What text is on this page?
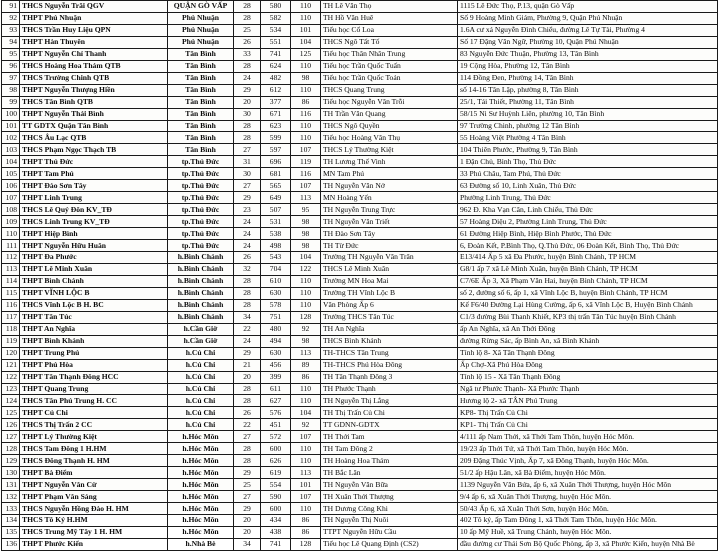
91	THCS Nguyễn Trãi QGV	QUẬN GÒ VẤP	28	580	110	TH Lê Văn Thọ	1115 Lê Đức Thọ, P.13, quận Gò Vấp
92	THPT Phú Nhuận	Phú Nhuận	28	582	110	TH Hồ Văn Huê	Số 9 Hoàng Minh Giám, Phường 9, Quận Phú Nhuận
93	THCS Trần Huy Liệu QPN	Phú Nhuận	25	534	101	Tiểu học Cổ Loa	1.6A cư xá Nguyễn Đình Chiểu, đường Lê Tự Tài, Phường 4
94	THPT Hàn Thuyên	Phú Nhuận	26	551	104	THCS Ngô Tất Tố	Số 17 Đặng Văn Ngữ, Phường 10, Quận Phú Nhuận
95	THPT Nguyễn Chí Thanh	Tân Bình	33	741	125	Tiểu học Thân Nhân Trung	83 Nguyễn Đức Thuận, Phường 13, Tân Bình
96	THCS Hoàng Hoa Thám QTB	Tân Bình	28	624	110	Tiểu học Trần Quốc Tuấn	19 Cộng Hòa, Phường 12, Tân Bình
97	THCS Trường Chinh QTB	Tân Bình	24	482	98	Tiểu học Trần Quốc Toản	114 Đồng Đen, Phường 14, Tân Bình
98	THPT Nguyễn Thượng Hiền	Tân Bình	29	612	110	THCS Quang Trung	số 14-16 Tân Lập, phường 8, Tân Bình
99	THCS Tân Bình QTB	Tân Bình	20	377	86	Tiểu học Nguyễn Văn Trỗi	25/1, Tái Thiết, Phường 11, Tân Bình
100	THPT Nguyễn Thái Bình	Tân Bình	30	671	116	TH Trần Văn Quang	58/15 Ni Sư Huỳnh Liên, phường 10, Tân Bình
101	TT GDTX Quận Tân Bình	Tân Bình	28	623	110	THCS Ngô Quyền	97 Trường Chinh, phường 12 Tân Bình
102	THCS Âu Lạc QTB	Tân Bình	28	599	110	Tiểu học Hoàng Văn Thụ	55 Hoàng Việt Phường 4 Tân Bình
103	THCS Phạm Ngọc Thạch TB	Tân Bình	27	597	107	THCS Lý Thường Kiệt	104 Thiên Phước, Phường 9, Tân Bình
104	THPT Thủ Đức	tp.Thủ Đức	31	696	119	TH Lương Thế Vinh	1 Đặn Chủ, Bình Thọ, Thủ Đức
105	THPT Tam Phú	tp.Thủ Đức	30	681	116	MN Tam Phú	33 Phú Châu, Tam Phú, Thủ Đức
106	THPT Đào Sơn Tây	tp.Thủ Đức	27	565	107	TH Nguyễn Văn Nở	63 Đường số 10, Linh Xuân, Thủ Đức
107	THPT Linh Trung	tp.Thủ Đức	29	649	113	MN Hoàng Yến	Phường Linh Trung, Thủ Đức
108	THCS Lê Quý Đôn KV_TĐ	tp.Thủ Đức	23	507	95	TH Nguyễn Trung Trực	962 Đ. Kha Vạn Cân, Linh Chiểu, Thủ Đức
109	THCS Linh Trung KV_TĐ	tp.Thủ Đức	24	531	98	TH Nguyễn Văn Triết	57 Hoàng Diệu 2, Phường Linh Trung, Thủ Đức
110	THPT Hiệp Bình	tp.Thủ Đức	24	538	98	TH Đào Sơn Tây	61 Đường Hiệp Bình, Hiệp Bình Phước, Thủ Đức
111	THPT Nguyễn Hữu Huân	tp.Thủ Đức	24	498	98	TH Từ Đức	6, Đoàn Kết, P.Bình Thọ, Q.Thủ Đức, 06 Đoàn Kết, Bình Thọ, Thủ Đức
112	THPT Đa Phước	h.Bình Chánh	26	543	104	Trường TH Nguyễn Văn Trân	E13/414 Ấp 5 xã Đa Phước, huyện Bình Chánh, TP HCM
113	THPT Lê Minh Xuân	h.Bình Chánh	32	704	122	THCS Lê Minh Xuân	G8/1 ấp 7 xã Lê Minh Xuân, huyện Bình Chánh, TP HCM
114	THPT Bình Chánh	h.Bình Chánh	28	610	110	Trường MN Hoa Mai	C7/6E Ấp 3, Xã Phạm Văn Hai, huyện Bình Chánh, TP HCM
115	THPT VĨNH LỘC B	h.Bình Chánh	28	630	110	Trường TH Vĩnh Lộc B	số 2, đường số 6, ấp 1, xã Vĩnh Lộc B, huyện Bình Chánh, TP HCM
116	THCS Vĩnh Lộc B H. BC	h.Bình Chánh	28	578	110	Văn Phòng Ấp 6	Kế F6/40 Đường Lại Hùng Cường, ấp 6, xã Vĩnh Lộc B, Huyện Bình Chánh
117	THPT Tân Túc	h.Bình Chánh	34	751	128	Trường THCS Tân Túc	C1/3 đường Bùi Thanh Khiết, KP3 thị trấn Tân Túc huyện Bình Chánh
118	THPT An Nghĩa	h.Cần Giờ	22	480	92	TH An Nghĩa	ấp An Nghĩa, xã An Thới Đông
119	THPT Bình Khánh	h.Cần Giờ	24	494	98	THCS Bình Khánh	đường Rừng Sác, ấp Bình An, xã Bình Khánh
120	THPT Trung Phú	h.Củ Chi	29	630	113	TH-THCS Tân Trung	Tỉnh lộ 8- Xã Tân Thạnh Đông
121	THPT Phú Hòa	h.Củ Chi	21	456	89	TH-THCS Phú Hòa Đông	Ấp Chợ-Xã Phú Hòa Đông
122	THPT Tân Thạnh Đông HCC	h.Củ Chi	20	399	86	TH Tân Thạnh Đông 3	Tỉnh lộ 15 - Xã Tân Thạnh Đông
123	THPT Quang Trung	h.Củ Chi	28	611	110	TH Phước Thạnh	Ngã tư Phước Thạnh- Xã Phước Thạnh
124	THCS Tân Phú Trung H. CC	h.Củ Chi	28	627	110	TH Nguyễn Thị Lắng	Hương lộ 2- xã TÂN Phú Trung
125	THPT Củ Chi	h.Củ Chi	26	576	104	TH Thị Trấn Củ Chi	KP8- Thị Trấn Củ Chi
126	THCS Thị Trấn 2 CC	h.Củ Chi	22	451	92	TT GDNN-GDTX	KP1- Thị Trấn Củ Chi
127	THPT Lý Thường Kiệt	h.Hóc Môn	27	572	107	TH Thới Tam	4/111 ấp Nam Thới, xã Thới Tam Thôn, huyện Hóc Môn.
128	THCS Tam Đông 1 H.HM	h.Hóc Môn	28	600	110	TH Tam Đông 2	19/23 ấp Thới Tứ, xã Thới Tam Thôn, huyện Hóc Môn.
129	THCS Đông Thạnh H. HM	h.Hóc Môn	28	626	110	TH Hoàng Hoa Thám	209 Đặng Thúc Vịnh, Ấp 7, xã Đông Thạnh, huyện Hóc Môn.
130	THPT Bà Điểm	h.Hóc Môn	29	619	113	TH Bắc Lân	51/2 ấp Hậu Lân, xã Bà Điểm, huyện Hóc Môn.
131	THPT Nguyễn Văn Cừ	h.Hóc Môn	25	554	101	TH Nguyễn Văn Bữa	1139 Nguyễn Văn Bứa, ấp 6, xã Xuân Thới Thượng, huyện Hóc Môn
132	THPT Phạm Văn Sáng	h.Hóc Môn	27	590	107	TH Xuân Thới Thượng	9/4 ấp 6, xã Xuân Thới Thượng, huyện Hóc Môn.
133	THCS Nguyễn Hồng Đào H. HM	h.Hóc Môn	29	600	110	TH Dương Công Khi	50/43 Ấp 6, xã Xuân Thới Sơn, huyện Hóc Môn.
134	THCS Tô Ký H.HM	h.Hóc Môn	20	434	86	TH Nguyễn Thị Nuôi	402 Tô ký, ấp Tam Đông 1, xã Thới Tam Thôn, huyện Hóc Môn.
135	THCS Trung Mỹ Tây 1 H. HM	h.Hóc Môn	20	438	86	TTPT Nguyễn Hữu Cầu	10 ấp Mỹ Huề, xã Trung Chánh, huyện Hóc Môn.
136	THPT Phước Kiển	h.Nhà Bè	34	741	128	Tiểu học Lê Quang Định (CS2)	đầu đường cư Thái Sơn Bộ Quốc Phòng, ấp 3, xã Phước Kiển, huyện Nhà Bè
